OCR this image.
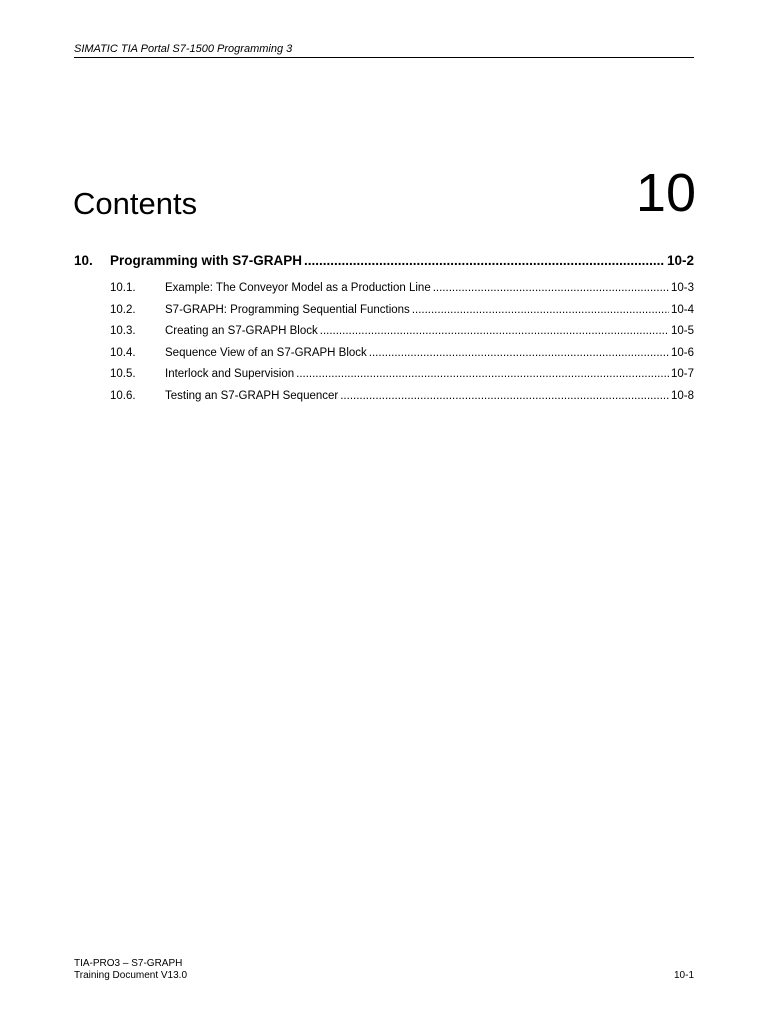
SIMATIC TIA Portal S7-1500 Programming 3
Contents	10
10.	Programming with S7-GRAPH .....	10-2
10.1.	Example: The Conveyor Model as a Production Line .....	10-3
10.2.	S7-GRAPH: Programming Sequential Functions .....	10-4
10.3.	Creating an S7-GRAPH Block .....	10-5
10.4.	Sequence View of an S7-GRAPH Block .....	10-6
10.5.	Interlock and Supervision .....	10-7
10.6.	Testing an S7-GRAPH Sequencer .....	10-8
TIA-PRO3 – S7-GRAPH
Training Document V13.0	10-1
